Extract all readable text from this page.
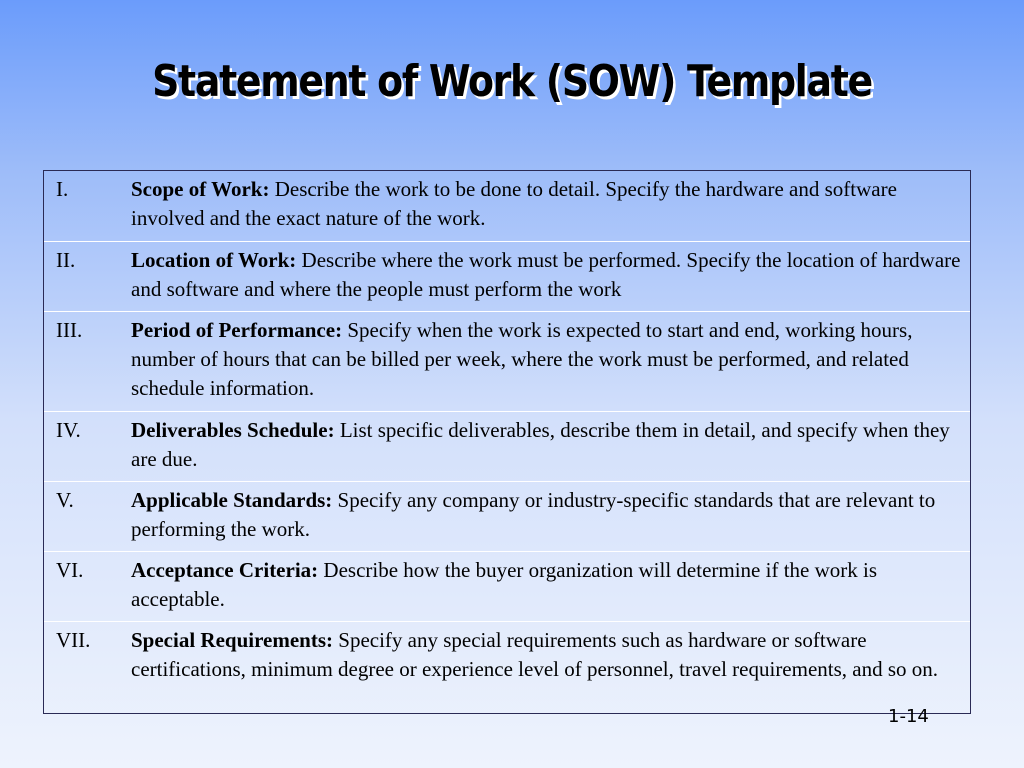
Statement of Work (SOW) Template
I.	Scope of Work: Describe the work to be done to detail. Specify the hardware and software involved and the exact nature of the work.
II.	Location of Work: Describe where the work must be performed. Specify the location of hardware and software and where the people must perform the work
III. Period of Performance: Specify when the work is expected to start and end, working hours, number of hours that can be billed per week, where the work must be performed, and related schedule information.
IV. Deliverables Schedule: List specific deliverables, describe them in detail, and specify when they are due.
V.	Applicable Standards: Specify any company or industry-specific standards that are relevant to performing the work.
VI. Acceptance Criteria: Describe how the buyer organization will determine if the work is acceptable.
VII. Special Requirements: Specify any special requirements such as hardware or software certifications, minimum degree or experience level of personnel, travel requirements, and so on.
1-14
